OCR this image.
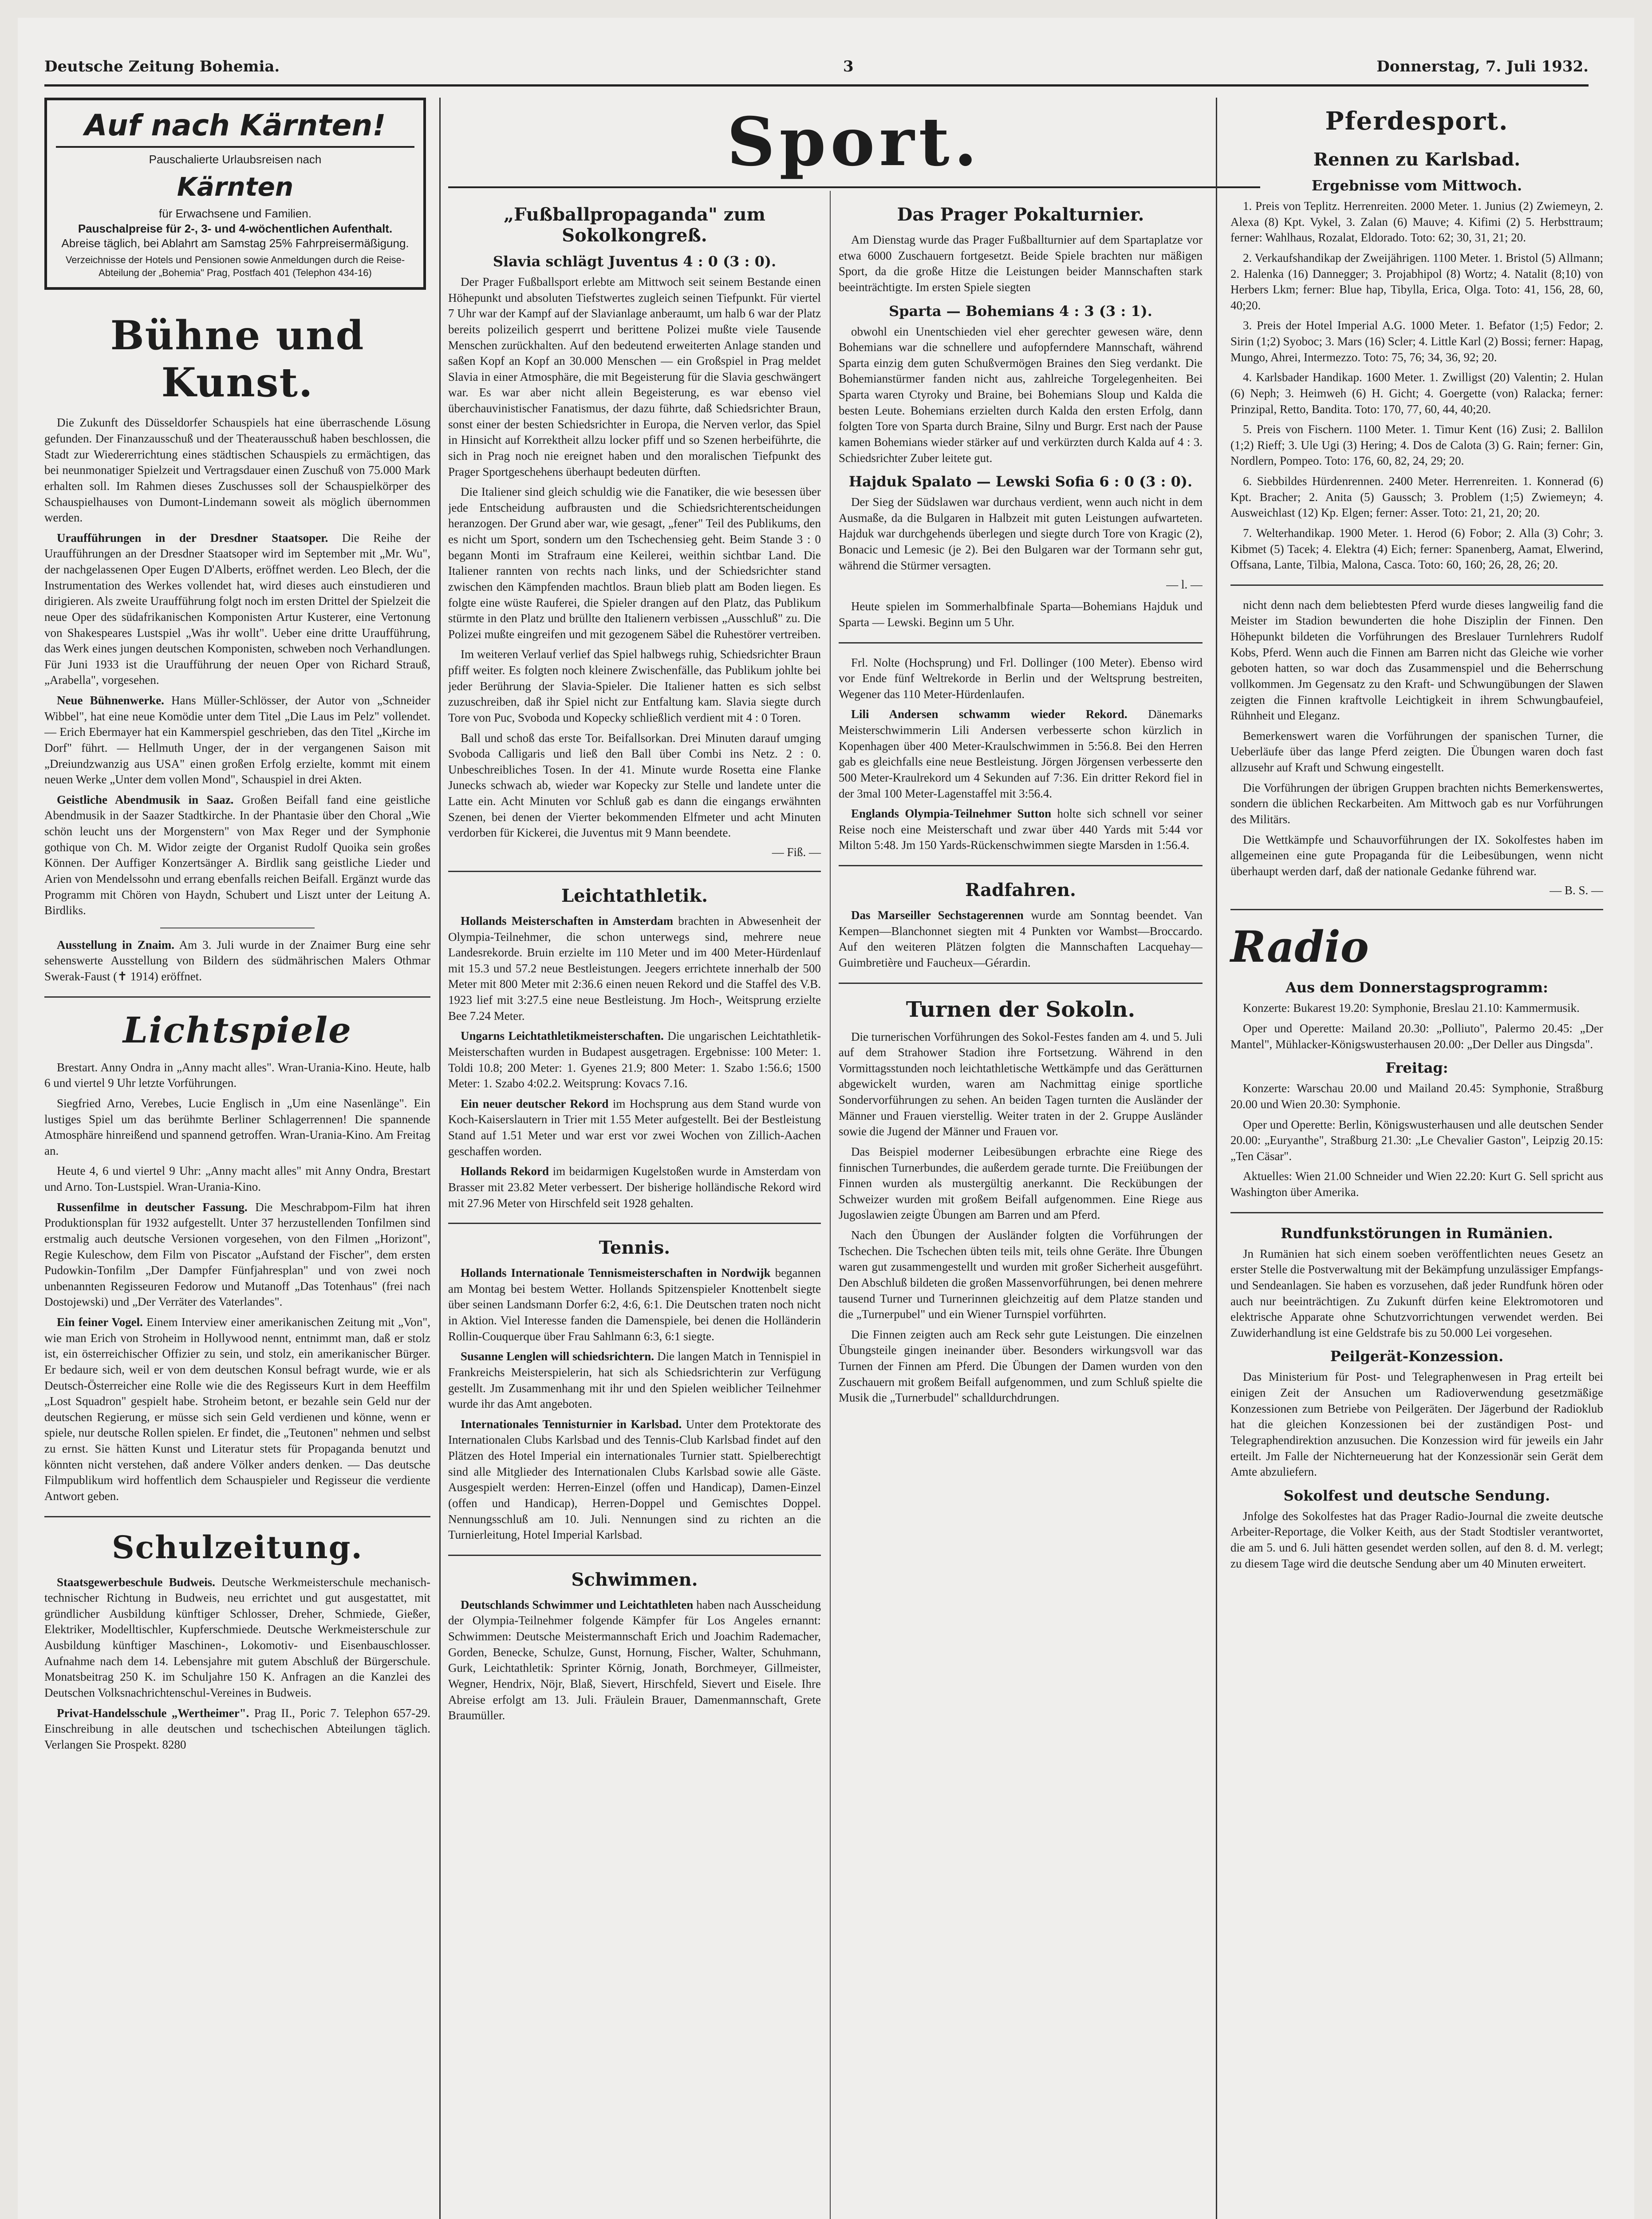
Deutsche Zeitung Bohemia.	3	Donnerstag, 7. Juli 1932.
Auf nach Kärnten!
Pauschalierte Urlaubsreisen nach
Kärnten
für Erwachsene und Familien.
Pauschalpreise für 2-, 3- und 4-wöchentlichen Aufenthalt.
Abreise täglich, bei Ablahrt am Samstag 25% Fahrpreisermäßigung.
Verzeichnisse der Hotels und Pensionen sowie Anmeldungen durch die Reise-Abteilung der „Bohemia" Prag, Postfach 401 (Telephon 434-16)
Bühne und Kunst.

Die Zukunft des Düsseldorfer Schauspiels hat eine überraschende Lösung gefunden. Der Finanzausschuß und der Theaterausschuß haben beschlossen, die Stadt zur Wiedererrichtung eines städtischen Schauspiels zu ermächtigen, das bei neunmonatiger Spielzeit und Vertragsdauer einen Zuschuß von 75.000 Mark erhalten soll. Im Rahmen dieses Zuschusses soll der Schauspielkörper des Schauspielhauses von Dumont-Lindemann soweit als möglich übernommen werden.

Uraufführungen in der Dresdner Staatsoper. Die Reihe der Uraufführungen an der Dresdner Staatsoper wird im September mit „Mr. Wu", der nachgelassenen Oper Eugen D'Alberts, eröffnet werden. Leo Blech, der die Instrumentation des Werkes vollendet hat, wird dieses auch einstudieren und dirigieren. Als zweite Uraufführung folgt noch im ersten Drittel der Spielzeit die neue Oper des südafrikanischen Komponisten Artur Kusterer, eine Vertonung von Shakespeares Lustspiel „Was ihr wollt". Ueber eine dritte Uraufführung, das Werk eines jungen deutschen Komponisten, schweben noch Verhandlungen. Für Juni 1933 ist die Uraufführung der neuen Oper von Richard Strauß, „Arabella", vorgesehen.

Neue Bühnenwerke. Hans Müller-Schlösser, der Autor von „Schneider Wibbel", hat eine neue Komödie unter dem Titel „Die Laus im Pelz" vollendet. — Erich Ebermayer hat ein Kammerspiel geschrieben, das den Titel „Kirche im Dorf" führt. — Hellmuth Unger, der in der vergangenen Saison mit „Dreiundzwanzig aus USA" einen großen Erfolg erzielte, kommt mit einem neuen Werke „Unter dem vollen Mond", Schauspiel in drei Akten.

Geistliche Abendmusik in Saaz. Großen Beifall fand eine geistliche Abendmusik in der Saazer Stadtkirche. In der Phantasie über den Choral „Wie schön leucht uns der Morgenstern" von Max Reger und der Symphonie gothique von Ch. M. Widor zeigte der Organist Rudolf Quoika sein großes Können. Der Auffiger Konzertsänger A. Birdlik sang geistliche Lieder und Arien von Mendelssohn und errang ebenfalls reichen Beifall. Ergänzt wurde das Programm mit Chören von Haydn, Schubert und Liszt unter der Leitung A. Birdliks.

Ausstellung in Znaim. Am 3. Juli wurde in der Znaimer Burg eine sehr sehenswerte Ausstellung von Bildern des südmährischen Malers Othmar Swerak-Faust (✝ 1914) eröffnet.

Lichtspiele

Brestart. Anny Ondra in „Anny macht alles". Wran-Urania-Kino. Heute, halb 6 und viertel 9 Uhr letzte Vorführungen.

Siegfried Arno, Verebes, Lucie Englisch in „Um eine Nasenlänge". Ein lustiges Spiel um das berühmte Berliner Schlagerrennen! Die spannende Atmosphäre hinreißend und spannend getroffen. Wran-Urania-Kino. Am Freitag an.

Heute 4, 6 und viertel 9 Uhr: „Anny macht alles" mit Anny Ondra, Brestart und Arno. Ton-Lustspiel. Wran-Urania-Kino.

Russenfilme in deutscher Fassung. Die Meschrabpom-Film hat ihren Produktionsplan für 1932 aufgestellt. Unter 37 herzustellenden Tonfilmen sind erstmalig auch deutsche Versionen vorgesehen, von den Filmen „Horizont", Regie Kuleschow, dem Film von Piscator „Aufstand der Fischer", dem ersten Pudowkin-Tonfilm „Der Dampfer Fünfjahresplan" und von zwei noch unbenannten Regisseuren Fedorow und Mutanoff „Das Totenhaus" (frei nach Dostojewski) und „Der Verräter des Vaterlandes".

Ein feiner Vogel. Einem Interview einer amerikanischen Zeitung mit „Von", wie man Erich von Stroheim in Hollywood nennt, entnimmt man, daß er stolz ist, ein österreichischer Offizier zu sein, und stolz, ein amerikanischer Bürger. Er bedaure sich, weil er von dem deutschen Konsul befragt wurde, wie er als Deutsch-Österreicher eine Rolle wie die des Regisseurs Kurt in dem Heeffilm „Lost Squadron" gespielt habe. Stroheim betont, er bezahle sein Geld nur der deutschen Regierung, er müsse sich sein Geld verdienen und könne, wenn er spiele, nur deutsche Rollen spielen. Er findet, die „Teutonen" nehmen und selbst zu ernst. Sie hätten Kunst und Literatur stets für Propaganda benutzt und könnten nicht verstehen, daß andere Völker anders denken. — Das deutsche Filmpublikum wird hoffentlich dem Schauspieler und Regisseur die verdiente Antwort geben.

Schulzeitung.

Staatsgewerbeschule Budweis. Deutsche Werkmeisterschule mechanisch-technischer Richtung in Budweis, neu errichtet und gut ausgestattet, mit gründlicher Ausbildung künftiger Schlosser, Dreher, Schmiede, Gießer, Elektriker, Modelltischler, Kupferschmiede. Deutsche Werkmeisterschule zur Ausbildung künftiger Maschinen-, Lokomotiv- und Eisenbauschlosser. Aufnahme nach dem 14. Lebensjahre mit gutem Abschluß der Bürgerschule. Monatsbeitrag 250 K. im Schuljahre 150 K. Anfragen an die Kanzlei des Deutschen Volksnachrichtenschul-Vereines in Budweis.

Privat-Handelsschule „Wertheimer". Prag II., Poric 7. Telephon 657-29. Einschreibung in alle deutschen und tschechischen Abteilungen täglich. Verlangen Sie Prospekt. 8280

Sport.
„Fußballpropaganda" zum Sokolkongreß.
Slavia schlägt Juventus 4 : 0 (3 : 0).

Der Prager Fußballsport erlebte am Mittwoch seit seinem Bestande einen Höhepunkt und absoluten Tiefstwertes zugleich seinen Tiefpunkt. Für viertel 7 Uhr war der Kampf auf der Slavianlage anberaumt, um halb 6 war der Platz bereits polizeilich gesperrt und berittene Polizei mußte viele Tausende Menschen zurückhalten. Auf den bedeutend erweiterten Anlage standen und saßen Kopf an Kopf an 30.000 Menschen — ein Großspiel in Prag meldet Slavia in einer Atmosphäre, die mit Begeisterung für die Slavia geschwängert war. Es war aber nicht allein Begeisterung, es war ebenso viel überchauvinistischer Fanatismus, der dazu führte, daß Schiedsrichter Braun, sonst einer der besten Schiedsrichter in Europa, die Nerven verlor, das Spiel in Hinsicht auf Korrektheit allzu locker pfiff und so Szenen herbeiführte, die sich in Prag noch nie ereignet haben und den moralischen Tiefpunkt des Prager Sportgeschehens überhaupt bedeuten dürften.

Die Italiener sind gleich schuldig wie die Fanatiker, die wie besessen über jede Entscheidung aufbrausten und die Schiedsrichterentscheidungen heranzogen. Der Grund aber war, wie gesagt, „fener" Teil des Publikums, den es nicht um Sport, sondern um den Tschechensieg geht. Beim Stande 3 : 0 begann Monti im Strafraum eine Keilerei, weithin sichtbar Land. Die Italiener rannten von rechts nach links, und der Schiedsrichter stand zwischen den Kämpfenden machtlos. Braun blieb platt am Boden liegen. Es folgte eine wüste Rauferei, die Spieler drangen auf den Platz, das Publikum stürmte in den Platz und brüllte den Italienern verbissen „Ausschluß" zu. Die Polizei mußte eingreifen und mit gezogenem Säbel die Ruhestörer vertreiben.

Im weiteren Verlauf verlief das Spiel halbwegs ruhig, Schiedsrichter Braun pfiff weiter. Es folgten noch kleinere Zwischenfälle, das Publikum johlte bei jeder Berührung der Slavia-Spieler. Die Italiener hatten es sich selbst zuzuschreiben, daß ihr Spiel nicht zur Entfaltung kam. Slavia siegte durch Tore von Puc, Svoboda und Kopecky schließlich verdient mit 4 : 0 Toren.

Ball und schoß das erste Tor. Beifallsorkan. Drei Minuten darauf umging Svoboda Calligaris und ließ den Ball über Combi ins Netz. 2 : 0. Unbeschreibliches Tosen. In der 41. Minute wurde Rosetta eine Flanke Junecks schwach ab, wieder war Kopecky zur Stelle und landete unter die Latte ein. Acht Minuten vor Schluß gab es dann die eingangs erwähnten Szenen, bei denen der Vierter bekommenden Elfmeter und acht Minuten verdorben für Kickerei, die Juventus mit 9 Mann beendete.

— Fiß. —
Leichtathletik.

Hollands Meisterschaften in Amsterdam brachten in Abwesenheit der Olympia-Teilnehmer, die schon unterwegs sind, mehrere neue Landesrekorde. Bruin erzielte im 110 Meter und im 400 Meter-Hürdenlauf mit 15.3 und 57.2 neue Bestleistungen. Jeegers errichtete innerhalb der 500 Meter mit 800 Meter mit 2:36.6 einen neuen Rekord und die Staffel des V.B. 1923 lief mit 3:27.5 eine neue Bestleistung. Jm Hoch-, Weitsprung erzielte Bee 7.24 Meter.

Ungarns Leichtathletikmeisterschaften. Die ungarischen Leichtathletik-Meisterschaften wurden in Budapest ausgetragen. Ergebnisse: 100 Meter: 1. Toldi 10.8; 200 Meter: 1. Gyenes 21.9; 800 Meter: 1. Szabo 1:56.6; 1500 Meter: 1. Szabo 4:02.2. Weitsprung: Kovacs 7.16.

Ein neuer deutscher Rekord im Hochsprung aus dem Stand wurde von Koch-Kaiserslautern in Trier mit 1.55 Meter aufgestellt. Bei der Bestleistung Stand auf 1.51 Meter und war erst vor zwei Wochen von Zillich-Aachen geschaffen worden.

Hollands Rekord im beidarmigen Kugelstoßen wurde in Amsterdam von Brasser mit 23.82 Meter verbessert. Der bisherige holländische Rekord wird mit 27.96 Meter von Hirschfeld seit 1928 gehalten.

Tennis.

Hollands Internationale Tennismeisterschaften in Nordwijk begannen am Montag bei bestem Wetter. Hollands Spitzenspieler Knottenbelt siegte über seinen Landsmann Dorfer 6:2, 4:6, 6:1. Die Deutschen traten noch nicht in Aktion. Viel Interesse fanden die Damenspiele, bei denen die Holländerin Rollin-Couquerque über Frau Sahlmann 6:3, 6:1 siegte.

Susanne Lenglen will schiedsrichtern. Die langen Match in Tennispiel in Frankreichs Meisterspielerin, hat sich als Schiedsrichterin zur Verfügung gestellt. Jm Zusammenhang mit ihr und den Spielen weiblicher Teilnehmer wurde ihr das Amt angeboten.

Internationales Tennisturnier in Karlsbad. Unter dem Protektorate des Internationalen Clubs Karlsbad und des Tennis-Club Karlsbad findet auf den Plätzen des Hotel Imperial ein internationales Turnier statt. Spielberechtigt sind alle Mitglieder des Internationalen Clubs Karlsbad sowie alle Gäste. Ausgespielt werden: Herren-Einzel (offen und Handicap), Damen-Einzel (offen und Handicap), Herren-Doppel und Gemischtes Doppel. Nennungsschluß am 10. Juli. Nennungen sind zu richten an die Turnierleitung, Hotel Imperial Karlsbad.

Schwimmen.

Deutschlands Schwimmer und Leichtathleten haben nach Ausscheidung der Olympia-Teilnehmer folgende Kämpfer für Los Angeles ernannt: Schwimmen: Deutsche Meistermannschaft Erich und Joachim Rademacher, Gorden, Benecke, Schulze, Gunst, Hornung, Fischer, Walter, Schuhmann, Gurk, Leichtathletik: Sprinter Körnig, Jonath, Borchmeyer, Gillmeister, Wegner, Hendrix, Nöjr, Blaß, Sievert, Hirschfeld, Sievert und Eisele. Ihre Abreise erfolgt am 13. Juli. Fräulein Brauer, Damenmannschaft, Grete Braumüller.

Das Prager Pokalturnier.

Am Dienstag wurde das Prager Fußballturnier auf dem Spartaplatze vor etwa 6000 Zuschauern fortgesetzt. Beide Spiele brachten nur mäßigen Sport, da die große Hitze die Leistungen beider Mannschaften stark beeinträchtigte. Im ersten Spiele siegten

Sparta — Bohemians 4 : 3 (3 : 1).

obwohl ein Unentschieden viel eher gerechter gewesen wäre, denn Bohemians war die schnellere und aufopferndere Mannschaft, während Sparta einzig dem guten Schußvermögen Braines den Sieg verdankt. Die Bohemianstürmer fanden nicht aus, zahlreiche Torgelegenheiten. Bei Sparta waren Ctyroky und Braine, bei Bohemians Sloup und Kalda die besten Leute. Bohemians erzielten durch Kalda den ersten Erfolg, dann folgten Tore von Sparta durch Braine, Silny und Burgr. Erst nach der Pause kamen Bohemians wieder stärker auf und verkürzten durch Kalda auf 4 : 3. Schiedsrichter Zuber leitete gut.

Hajduk Spalato — Lewski Sofia 6 : 0 (3 : 0).

Der Sieg der Südslawen war durchaus verdient, wenn auch nicht in dem Ausmaße, da die Bulgaren in Halbzeit mit guten Leistungen aufwarteten. Hajduk war durchgehends überlegen und siegte durch Tore von Kragic (2), Bonacic und Lemesic (je 2). Bei den Bulgaren war der Tormann sehr gut, während die Stürmer versagten.

— l. —

Heute spielen im Sommerhalbfinale Sparta—Bohemians Hajduk und Sparta — Lewski. Beginn um 5 Uhr.

Frl. Nolte (Hochsprung) und Frl. Dollinger (100 Meter). Ebenso wird vor Ende fünf Weltrekorde in Berlin und der Weltsprung bestreiten, Wegener das 110 Meter-Hürdenlaufen.

Lili Andersen schwamm wieder Rekord. Dänemarks Meisterschwimmerin Lili Andersen verbesserte schon kürzlich in Kopenhagen über 400 Meter-Kraulschwimmen in 5:56.8. Bei den Herren gab es gleichfalls eine neue Bestleistung. Jörgen Jörgensen verbesserte den 500 Meter-Kraulrekord um 4 Sekunden auf 7:36. Ein dritter Rekord fiel in der 3mal 100 Meter-Lagenstaffel mit 3:56.4.

Englands Olympia-Teilnehmer Sutton holte sich schnell vor seiner Reise noch eine Meisterschaft und zwar über 440 Yards mit 5:44 vor Milton 5:48. Jm 150 Yards-Rückenschwimmen siegte Marsden in 1:56.4.

Radfahren.

Das Marseiller Sechstagerennen wurde am Sonntag beendet. Van Kempen—Blanchonnet siegten mit 4 Punkten vor Wambst—Broccardo. Auf den weiteren Plätzen folgten die Mannschaften Lacquehay—Guimbretière und Faucheux—Gérardin.

Turnen der Sokoln.

Die turnerischen Vorführungen des Sokol-Festes fanden am 4. und 5. Juli auf dem Strahower Stadion ihre Fortsetzung. Während in den Vormittagsstunden noch leichtathletische Wettkämpfe und das Gerätturnen abgewickelt wurden, waren am Nachmittag einige sportliche Sondervorführungen zu sehen. An beiden Tagen turnten die Ausländer der Männer und Frauen vierstellig. Weiter traten in der 2. Gruppe Ausländer sowie die Jugend der Männer und Frauen vor.

Das Beispiel moderner Leibesübungen erbrachte eine Riege des finnischen Turnerbundes, die außerdem gerade turnte. Die Freiübungen der Finnen wurden als mustergültig anerkannt. Die Reckübungen der Schweizer wurden mit großem Beifall aufgenommen. Eine Riege aus Jugoslawien zeigte Übungen am Barren und am Pferd.

Nach den Übungen der Ausländer folgten die Vorführungen der Tschechen. Die Tschechen übten teils mit, teils ohne Geräte. Ihre Übungen waren gut zusammengestellt und wurden mit großer Sicherheit ausgeführt. Den Abschluß bildeten die großen Massenvorführungen, bei denen mehrere tausend Turner und Turnerinnen gleichzeitig auf dem Platze standen und die „Turnerpubel" und ein Wiener Turnspiel vorführten.

Die Finnen zeigten auch am Reck sehr gute Leistungen. Die einzelnen Übungsteile gingen ineinander über. Besonders wirkungsvoll war das Turnen der Finnen am Pferd. Die Übungen der Damen wurden von den Zuschauern mit großem Beifall aufgenommen, und zum Schluß spielte die Musik die „Turnerbudel" schalldurchdrungen.

Pferdesport.
Rennen zu Karlsbad.
Ergebnisse vom Mittwoch.

1. Preis von Teplitz. Herrenreiten. 2000 Meter. 1. Junius (2) Zwiemeyn, 2. Alexa (8) Kpt. Vykel, 3. Zalan (6) Mauve; 4. Kifimi (2) 5. Herbsttraum; ferner: Wahlhaus, Rozalat, Eldorado. Toto: 62; 30, 31, 21; 20.

2. Verkaufshandikap der Zweijährigen. 1100 Meter. 1. Bristol (5) Allmann; 2. Halenka (16) Dannegger; 3. Projabhipol (8) Wortz; 4. Natalit (8;10) von Herbers Lkm; ferner: Blue hap, Tibylla, Erica, Olga. Toto: 41, 156, 28, 60, 40;20.

3. Preis der Hotel Imperial A.G. 1000 Meter. 1. Befator (1;5) Fedor; 2. Sirin (1;2) Syoboc; 3. Mars (16) Scler; 4. Little Karl (2) Bossi; ferner: Hapag, Mungo, Ahrei, Intermezzo. Toto: 75, 76; 34, 36, 92; 20.

4. Karlsbader Handikap. 1600 Meter. 1. Zwilligst (20) Valentin; 2. Hulan (6) Neph; 3. Heimweh (6) H. Gicht; 4. Goergette (von) Ralacka; ferner: Prinzipal, Retto, Bandita. Toto: 170, 77, 60, 44, 40;20.

5. Preis von Fischern. 1100 Meter. 1. Timur Kent (16) Zusi; 2. Ballilon (1;2) Rieff; 3. Ule Ugi (3) Hering; 4. Dos de Calota (3) G. Rain; ferner: Gin, Nordlern, Pompeo. Toto: 176, 60, 82, 24, 29; 20.

6. Siebbildes Hürdenrennen. 2400 Meter. Herrenreiten. 1. Konnerad (6) Kpt. Bracher; 2. Anita (5) Gaussch; 3. Problem (1;5) Zwiemeyn; 4. Ausweichlast (12) Kp. Elgen; ferner: Asser. Toto: 21, 21, 20; 20.

7. Welterhandikap. 1900 Meter. 1. Herod (6) Fobor; 2. Alla (3) Cohr; 3. Kibmet (5) Tacek; 4. Elektra (4) Eich; ferner: Spanenberg, Aamat, Elwerind, Offsana, Lante, Tilbia, Malona, Casca. Toto: 60, 160; 26, 28, 26; 20.

nicht denn nach dem beliebtesten Pferd wurde dieses langweilig fand die Meister im Stadion bewunderten die hohe Disziplin der Finnen. Den Höhepunkt bildeten die Vorführungen des Breslauer Turnlehrers Rudolf Kobs, Pferd. Wenn auch die Finnen am Barren nicht das Gleiche wie vorher geboten hatten, so war doch das Zusammenspiel und die Beherrschung vollkommen. Jm Gegensatz zu den Kraft- und Schwungübungen der Slawen zeigten die Finnen kraftvolle Leichtigkeit in ihrem Schwungbaufeiel, Rühnheit und Eleganz.

Bemerkenswert waren die Vorführungen der spanischen Turner, die Ueberläufe über das lange Pferd zeigten. Die Übungen waren doch fast allzusehr auf Kraft und Schwung eingestellt.

Die Vorführungen der übrigen Gruppen brachten nichts Bemerkenswertes, sondern die üblichen Reckarbeiten. Am Mittwoch gab es nur Vorführungen des Militärs.

Die Wettkämpfe und Schauvorführungen der IX. Sokolfestes haben im allgemeinen eine gute Propaganda für die Leibesübungen, wenn nicht überhaupt werden darf, daß der nationale Gedanke führend war.

— B. S. —
Radio
Aus dem Donnerstagsprogramm:

Konzerte: Bukarest 19.20: Symphonie, Breslau 21.10: Kammermusik.

Oper und Operette: Mailand 20.30: „Polliuto", Palermo 20.45: „Der Mantel", Mühlacker-Königswusterhausen 20.00: „Der Deller aus Dingsda".

Freitag:

Konzerte: Warschau 20.00 und Mailand 20.45: Symphonie, Straßburg 20.00 und Wien 20.30: Symphonie.

Oper und Operette: Berlin, Königswusterhausen und alle deutschen Sender 20.00: „Euryanthe", Straßburg 21.30: „Le Chevalier Gaston", Leipzig 20.15: „Ten Cäsar".

Aktuelles: Wien 21.00 Schneider und Wien 22.20: Kurt G. Sell spricht aus Washington über Amerika.

Rundfunkstörungen in Rumänien.

Jn Rumänien hat sich einem soeben veröffentlichten neues Gesetz an erster Stelle die Postverwaltung mit der Bekämpfung unzulässiger Empfangs- und Sendeanlagen. Sie haben es vorzusehen, daß jeder Rundfunk hören oder auch nur beeinträchtigen. Zu Zukunft dürfen keine Elektromotoren und elektrische Apparate ohne Schutzvorrichtungen verwendet werden. Bei Zuwiderhandlung ist eine Geldstrafe bis zu 50.000 Lei vorgesehen.

Peilgerät-Konzession.

Das Ministerium für Post- und Telegraphenwesen in Prag erteilt bei einigen Zeit der Ansuchen um Radioverwendung gesetzmäßige Konzessionen zum Betriebe von Peilgeräten. Der Jägerbund der Radioklub hat die gleichen Konzessionen bei der zuständigen Post- und Telegraphendirektion anzusuchen. Die Konzession wird für jeweils ein Jahr erteilt. Jm Falle der Nichterneuerung hat der Konzessionär sein Gerät dem Amte abzuliefern.

Sokolfest und deutsche Sendung.

Jnfolge des Sokolfestes hat das Prager Radio-Journal die zweite deutsche Arbeiter-Reportage, die Volker Keith, aus der Stadt Stodtisler verantwortet, die am 5. und 6. Juli hätten gesendet werden sollen, auf den 8. d. M. verlegt; zu diesem Tage wird die deutsche Sendung aber um 40 Minuten erweitert.
